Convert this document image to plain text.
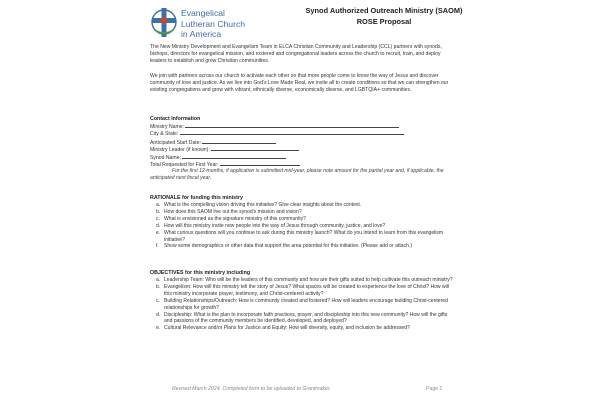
Evangelical
Lutheran Church
in America
Synod Authorized Outreach Ministry (SAOM)
ROSE Proposal
The New Ministry Development and Evangelism Team in ELCA Christian Community and Leadership (CCL) partners with synods, bishops, directors for evangelical mission, and rostered and congregational leaders across the church to recruit, train, and deploy leaders to establish and grow Christian communities.
We join with partners across our church to activate each other so that more people come to know the way of Jesus and discover community of love and justice. As we live into God’s Love Made Real, we invite all to create conditions so that we can strengthen our existing congregations and grow with vibrant, ethnically diverse, economically diverse, and LGBTQIA+ communities.
Contact Information
Ministry Name:
City & State:
Anticipated Start Date:
Ministry Leader (if known):
Synod Name:
Total Requested for First Year:
For the first 12-months; if application is submitted mid-year, please note amount for the partial year and, if applicable, the anticipated next fiscal year.
RATIONALE for funding this ministry
a. What is the compelling vision driving this initiative? Give clear insights about the context.
b. How does this SAOM live out the synod’s mission and vision?
c. What is envisioned as the signature ministry of this community?
d. How will this ministry invite new people into the way of Jesus through community, justice, and love?
e. What curious questions will you continue to ask during this ministry launch? What do you intend to learn from this evangelism initiative?
f. Show some demographics or other data that support the area potential for this initiative. (Please add or attach.)
OBJECTIVES for this ministry including
a. Leadership Team: Who will be the leaders of this community and how are their gifts suited to help cultivate this outreach ministry?
b. Evangelism: How will this ministry tell the story of Jesus? What spaces will be created to experience the love of Christ? How will this ministry incorporate prayer, testimony, and Christ-centered activity?
c. Building Relationships/Outreach: How is community created and fostered? How will leaders encourage building Christ-centered relationships for growth?
d. Discipleship: What is the plan to incorporate faith practices, prayer, and discipleship into this new community? How will the gifts and passions of the community members be identified, developed, and deployed?
e. Cultural Relevance and/or Plans for Justice and Equity: How will diversity, equity, and inclusion be addressed?
Revised March 2024. Completed form to be uploaded to Grantmaker.	Page 1
